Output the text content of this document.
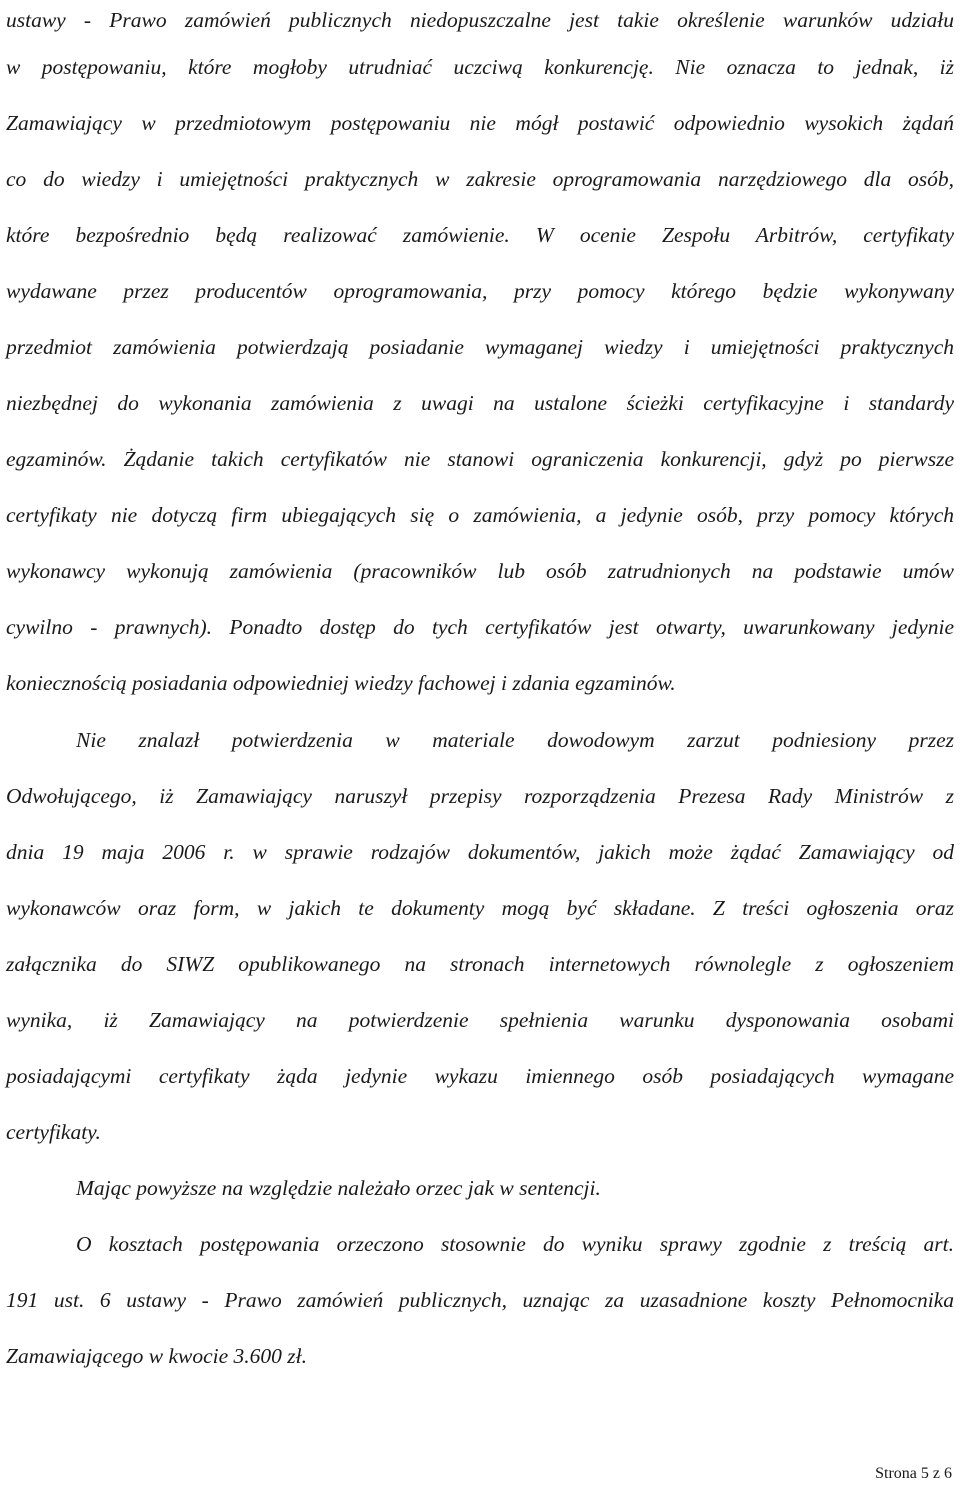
ustawy - Prawo zamówień publicznych niedopuszczalne jest takie określenie warunków udziału
w postępowaniu, które mogłoby utrudniać uczciwą konkurencję. Nie oznacza to jednak, iż
Zamawiający w przedmiotowym postępowaniu nie mógł postawić odpowiednio wysokich żądań
co do wiedzy i umiejętności praktycznych w zakresie oprogramowania narzędziowego dla osób,
które bezpośrednio będą realizować zamówienie. W ocenie Zespołu Arbitrów, certyfikaty
wydawane przez producentów oprogramowania, przy pomocy którego będzie wykonywany
przedmiot zamówienia potwierdzają posiadanie wymaganej wiedzy i umiejętności praktycznych
niezbędnej do wykonania zamówienia z uwagi na ustalone ścieżki certyfikacyjne i standardy
egzaminów. Żądanie takich certyfikatów nie stanowi ograniczenia konkurencji, gdyż po pierwsze
certyfikaty nie dotyczą firm ubiegających się o zamówienia, a jedynie osób, przy pomocy których
wykonawcy wykonują zamówienia (pracowników lub osób zatrudnionych na podstawie umów
cywilno - prawnych). Ponadto dostęp do tych certyfikatów jest otwarty, uwarunkowany jedynie
koniecznością posiadania odpowiedniej wiedzy fachowej i zdania egzaminów.
Nie znalazł potwierdzenia w materiale dowodowym zarzut podniesiony przez
Odwołującego, iż Zamawiający naruszył przepisy rozporządzenia Prezesa Rady Ministrów z
dnia 19 maja 2006 r. w sprawie rodzajów dokumentów, jakich może żądać Zamawiający od
wykonawców oraz form, w jakich te dokumenty mogą być składane. Z treści ogłoszenia oraz
załącznika do SIWZ opublikowanego na stronach internetowych równolegle z ogłoszeniem
wynika, iż Zamawiający na potwierdzenie spełnienia warunku dysponowania osobami
posiadającymi certyfikaty żąda jedynie wykazu imiennego osób posiadających wymagane
certyfikaty.
Mając powyższe na względzie należało orzec jak w sentencji.
O kosztach postępowania orzeczono stosownie do wyniku sprawy zgodnie z treścią art.
191 ust. 6 ustawy - Prawo zamówień publicznych, uznając za uzasadnione koszty Pełnomocnika
Zamawiającego w kwocie 3.600 zł.
Strona 5 z 6
